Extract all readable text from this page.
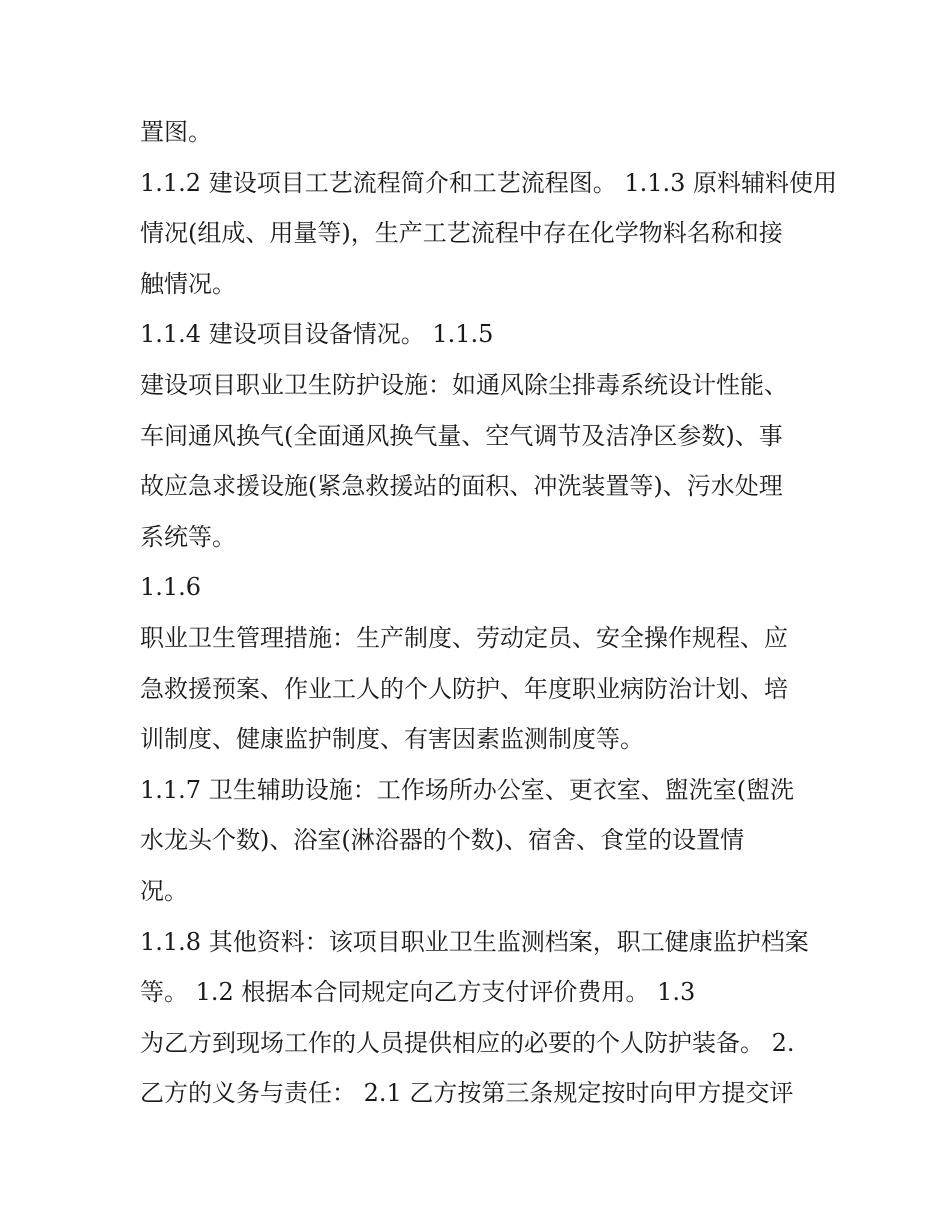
置图。
1.1.2 建设项目工艺流程简介和工艺流程图。 1.1.3 原料辅料使用
情况(组成、用量等)，生产工艺流程中存在化学物料名称和接
触情况。
1.1.4 建设项目设备情况。 1.1.5
建设项目职业卫生防护设施：如通风除尘排毒系统设计性能、
车间通风换气(全面通风换气量、空气调节及洁净区参数)、事
故应急求援设施(紧急救援站的面积、冲洗装置等)、污水处理
系统等。
1.1.6
职业卫生管理措施：生产制度、劳动定员、安全操作规程、应
急救援预案、作业工人的个人防护、年度职业病防治计划、培
训制度、健康监护制度、有害因素监测制度等。
1.1.7 卫生辅助设施：工作场所办公室、更衣室、盥洗室(盥洗
水龙头个数)、浴室(淋浴器的个数)、宿舍、食堂的设置情
况。
1.1.8 其他资料：该项目职业卫生监测档案，职工健康监护档案
等。 1.2 根据本合同规定向乙方支付评价费用。 1.3
为乙方到现场工作的人员提供相应的必要的个人防护装备。 2.
乙方的义务与责任： 2.1 乙方按第三条规定按时向甲方提交评
